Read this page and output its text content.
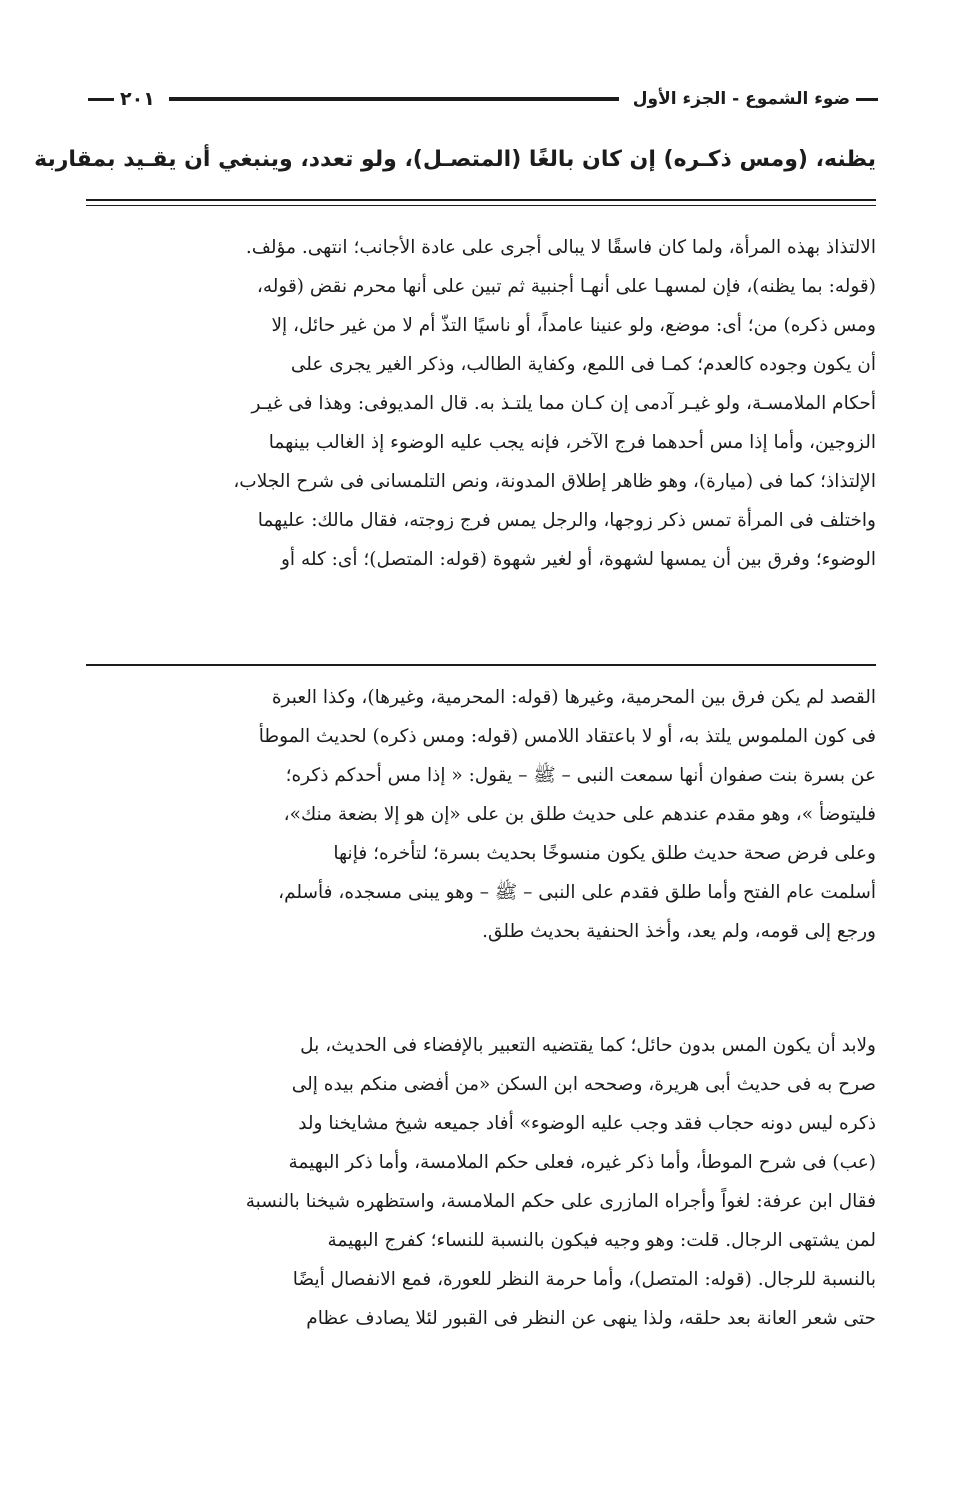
ضوء الشموع - الجزء الأول
٢٠١
يظنه، (ومس ذكـره) إن كان بالغًا (المتصـل)، ولو تعدد، وينبغي أن يقـيد بمقاربة
الالتذاذ بهذه المرأة، ولما كان فاسقًا لا يبالى أجرى على عادة الأجانب؛ انتهى. مؤلف.
(قوله: بما يظنه)، فإن لمسهـا على أنهـا أجنبية ثم تبين على أنها محرم نقض (قوله،
ومس ذكره) من؛ أى: موضع، ولو عنينا عامداً، أو ناسيًا التذّ أم لا من غير حائل، إلا
أن يكون وجوده كالعدم؛ كمـا فى اللمع، وكفاية الطالب، وذكر الغير يجرى على
أحكام الملامسـة، ولو غيـر آدمى إن كـان مما يلتـذ به. قال المديوفى: وهذا فى غيـر
الزوجين، وأما إذا مس أحدهما فرج الآخر، فإنه يجب عليه الوضوء إذ الغالب بينهما
الإلتذاذ؛ كما فى (ميارة)، وهو ظاهر إطلاق المدونة، ونص التلمسانى فى شرح الجلاب،
واختلف فى المرأة تمس ذكر زوجها، والرجل يمس فرج زوجته، فقال مالك: عليهما
الوضوء؛ وفرق بين أن يمسها لشهوة، أو لغير شهوة (قوله: المتصل)؛ أى: كله أو
القصد لم يكن فرق بين المحرمية، وغيرها (قوله: المحرمية، وغيرها)، وكذا العبرة
فى كون الملموس يلتذ به، أو لا باعتقاد اللامس (قوله: ومس ذكره) لحديث الموطأ
عن بسرة بنت صفوان أنها سمعت النبى – ﷺ – يقول: « إذا مس أحدكم ذكره؛
فليتوضأ »، وهو مقدم عندهم على حديث طلق بن على «إن هو إلا بضعة منك»،
وعلى فرض صحة حديث طلق يكون منسوخًا بحديث بسرة؛ لتأخره؛ فإنها
أسلمت عام الفتح وأما طلق فقدم على النبى – ﷺ – وهو يبنى مسجده، فأسلم،
ورجع إلى قومه، ولم يعد، وأخذ الحنفية بحديث طلق.
ولابد أن يكون المس بدون حائل؛ كما يقتضيه التعبير بالإفضاء فى الحديث، بل
صرح به فى حديث أبى هريرة، وصححه ابن السكن «من أفضى منكم بيده إلى
ذكره ليس دونه حجاب فقد وجب عليه الوضوء» أفاد جميعه شيخ مشايخنا ولد
(عب) فى شرح الموطأ، وأما ذكر غيره، فعلى حكم الملامسة، وأما ذكر البهيمة
فقال ابن عرفة: لغواً وأجراه المازرى على حكم الملامسة، واستظهره شيخنا بالنسبة
لمن يشتهى الرجال. قلت: وهو وجيه فيكون بالنسبة للنساء؛ كفرج البهيمة
بالنسبة للرجال. (قوله: المتصل)، وأما حرمة النظر للعورة، فمع الانفصال أيضًا
حتى شعر العانة بعد حلقه، ولذا ينهى عن النظر فى القبور لئلا يصادف عظام
